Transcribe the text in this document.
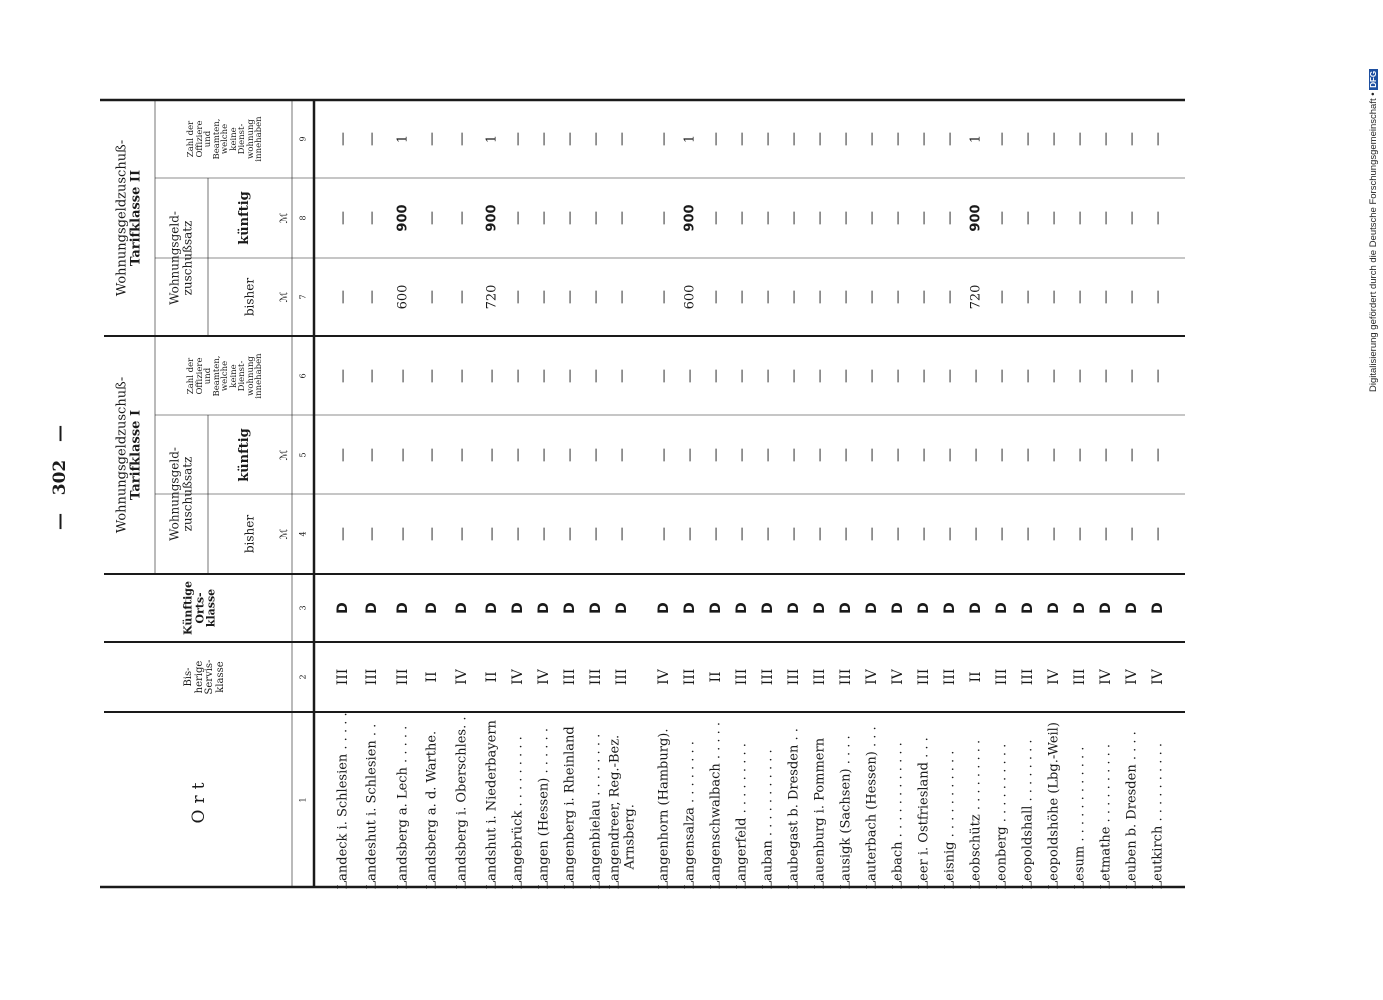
—   302   —
Digitalisierung gefördert durch die Deutsche Forschungsgemeinschaft • DFG
Ort
Bis- herige Servis- klasse
Künftige
Orts-
klasse
Wohnungsgeldzuschuß-
Tarifklasse I Wohnungsgeld-
zuschußsatz
bisher
künftig
Zahl der
Offiziere
und
Beamten,
welche
keine
Dienst-
wohnung
innehaben
ℳ
ℳ
Wohnungsgeldzuschuß-
Tarifklasse II Wohnungsgeld-
zuschußsatz
bisher
künftig
Zahl der
Offiziere
und
Beamten,
welche
keine
Dienst-
wohnung
innehaben
ℳ
ℳ
1
2
3
4
5
6
7
8
9
Landeck i. Schlesien . . . . .
III
D
—
—
—
—
—
—
Landeshut i. Schlesien . .
III
D
—
—
—
—
—
—
Landsberg a. Lech . . . . .
III
D
—
—
—
600
900
1
Landsberg a. d. Warthe.
II
D
—
—
—
—
—
—
Landsberg i. Oberschles. .
IV
D
—
—
—
—
—
—
Landshut i. Niederbayern
II
D
—
—
—
720
900
1
Langebrück . . . . . . . . .
IV
D
—
—
—
—
—
—
Langen (Hessen) . . . . . .
IV
D
—
—
—
—
—
—
Langenberg i. Rheinland
III
D
—
—
—
—
—
—
Langenbielau . . . . . . . .
III
D
—
—
—
—
—
—
Arnsberg.
Langendreer, Reg.-Bez.
III
D
—
—
—
—
—
—
Langenhorn (Hamburg).
IV
D
—
—
—
—
—
—
Langensalza . . . . . . . .
III
D
—
—
—
600
900
1
Langenschwalbach . . . . .
II
D
—
—
—
—
—
—
Langerfeld . . . . . . . . .
III
D
—
—
—
—
—
—
Lauban . . . . . . . . . . .
III
D
—
—
—
—
—
—
Laubegast b. Dresden . .
III
D
—
—
—
—
—
—
Lauenburg i. Pommern
III
D
—
—
—
—
—
—
Lausigk (Sachsen) . . . .
III
D
—
—
—
—
—
—
Lauterbach (Hessen) . . .
IV
D
—
—
—
—
—
—
Lebach . . . . . . . . . . . .
IV
D
—
—
—
—
—
—
Leer i. Ostfriesland . . .
III
D
—
—
—
—
—
—
Leisnig . . . . . . . . . . .
III
D
—
—
—
—
—
—
Leobschütz . . . . . . . . .
II
D
—
—
—
720
900
1
Leonberg . . . . . . . . . .
III
D
—
—
—
—
—
—
Leopoldshall . . . . . . . .
III
D
—
—
—
—
—
—
Leopoldshöhe (Lbg.-Weil)
IV
D
—
—
—
—
—
—
Lesum . . . . . . . . . . . .
III
D
—
—
—
—
—
—
Letmathe . . . . . . . . . .
IV
D
—
—
—
—
—
—
Leuben b. Dresden . . . .
IV
D
—
—
—
—
—
—
Leutkirch . . . . . . . . . .
IV
D
—
—
—
—
—
—
